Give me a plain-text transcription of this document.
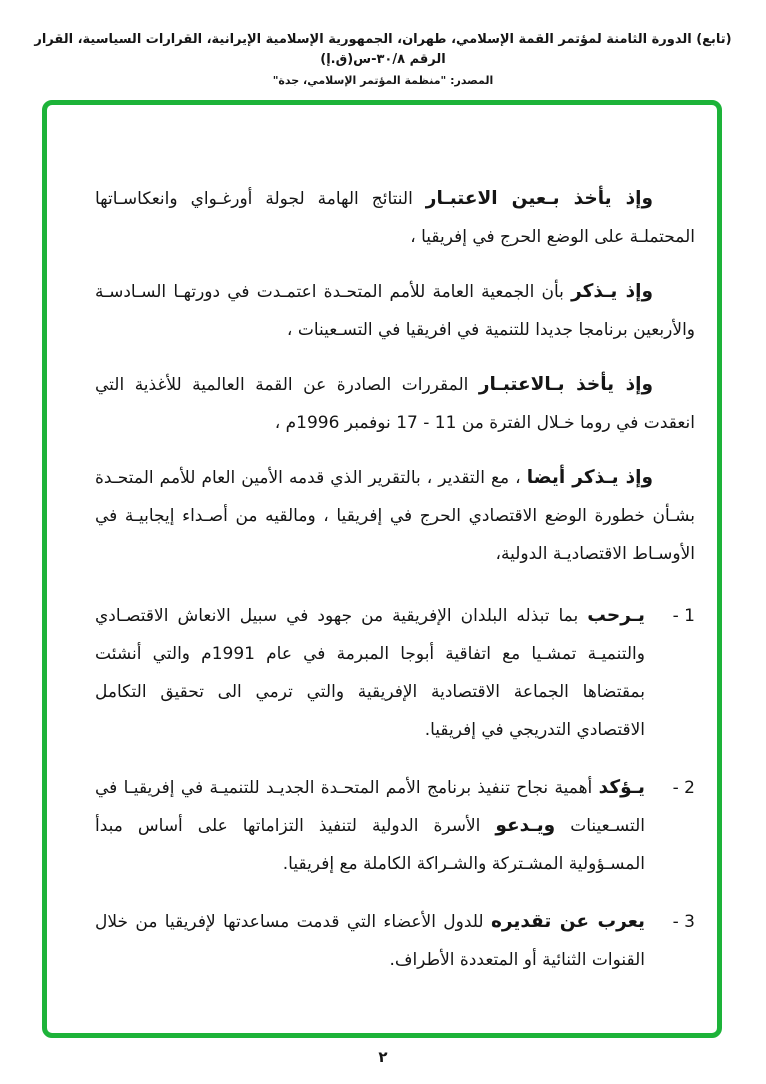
(تابع) الدورة الثامنة لمؤتمر القمة الإسلامي، طهران، الجمهورية الإسلامية الإيرانية، القرارات السياسية، القرار الرقم ٣٠/٨-س(ق.إ)
المصدر: "منظمة المؤتمر الإسلامي، جدة"

وإذ يأخذ بـعين الاعتبـار النتائج الهامة لجولة أورغـواي وانعكاسـاتها المحتملـة على الوضع الحرج في إفريقيا ،

وإذ يـذكر بأن الجمعية العامة للأمم المتحـدة اعتمـدت في دورتهـا السـادسـة والأربعين برنامجا جديدا للتنمية في افريقيا في التسـعينات ،

وإذ يأخذ بـالاعتبـار المقررات الصادرة عن القمة العالمية للأغذية التي انعقدت في روما خـلال الفترة من 11 - 17 نوفمبر 1996م ،

وإذ يـذكر أيضا ، مع التقدير ، بالتقرير الذي قدمه الأمين العام للأمم المتحـدة بشـأن خطورة الوضع الاقتصادي الحرج في إفريقيا ، ومالقيه من أصـداء إيجابيـة في الأوسـاط الاقتصاديـة الدولية،

1 -

يـرحب بما تبذله البلدان الإفريقية من جهود في سبيل الانعاش الاقتصـادي والتنميـة تمشـيا مع اتفاقية أبوجا المبرمة في عام 1991م والتي أنشئت بمقتضاها الجماعة الاقتصادية الإفريقية والتي ترمي الى تحقيق التكامل الاقتصادي التدريجي في إفريقيا.

2 -

يـؤكد أهمية نجاح تنفيذ برنامج الأمم المتحـدة الجديـد للتنميـة في إفريقيـا في التسـعينات ويـدعو الأسرة الدولية لتنفيذ التزاماتها على أساس مبدأ المسـؤولية المشـتركة والشـراكة الكاملة مع إفريقيا.

3 -

يعرب عن تقديره للدول الأعضاء التي قدمت مساعدتها لإفريقيا من خلال القنوات الثنائية أو المتعددة الأطراف.

٢
